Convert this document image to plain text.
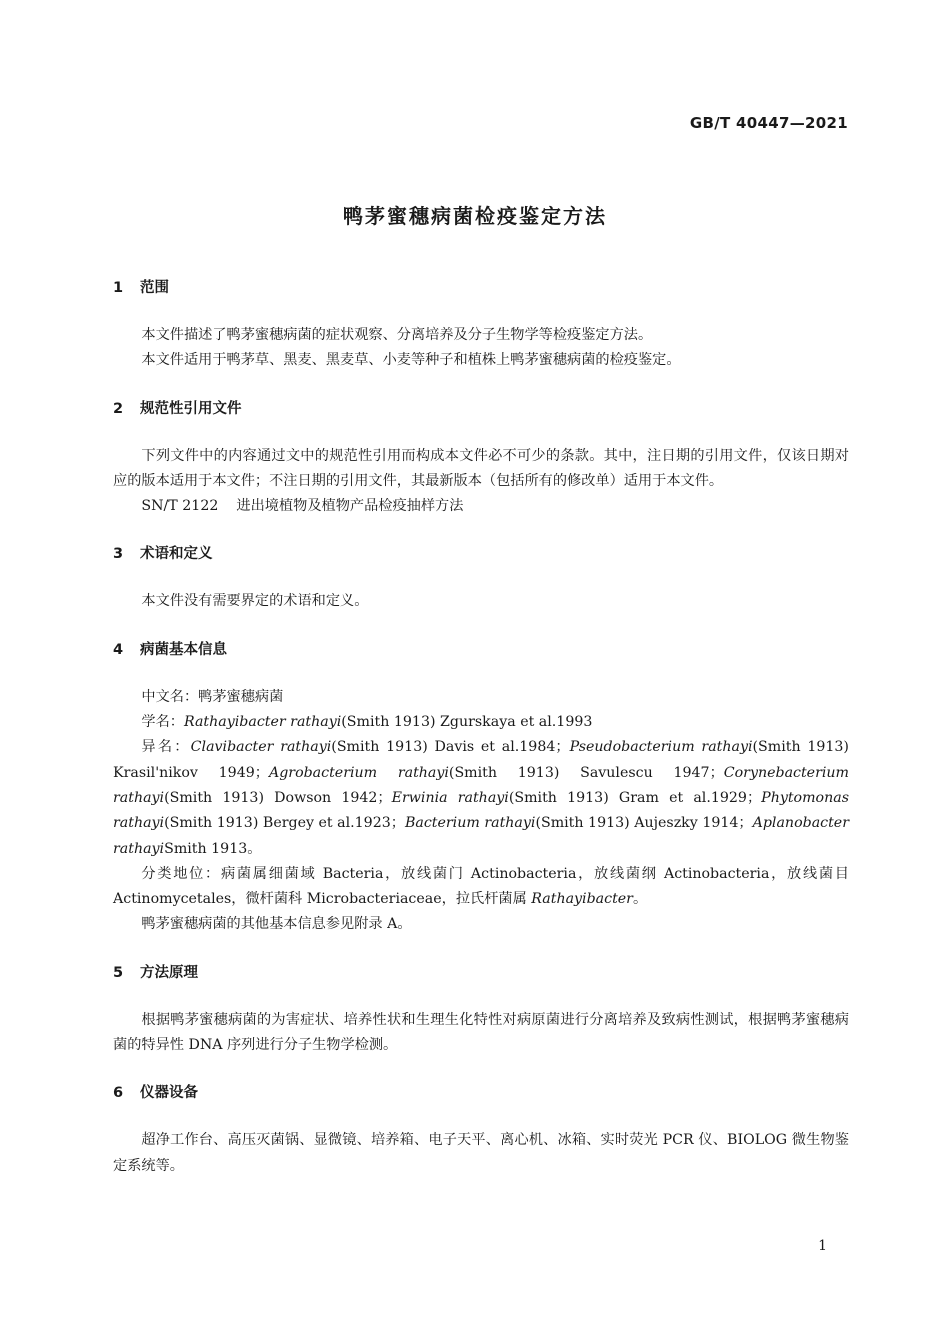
GB/T 40447—2021
鸭茅蜜穗病菌检疫鉴定方法
1	范围

本文件描述了鸭茅蜜穗病菌的症状观察、分离培养及分子生物学等检疫鉴定方法。

本文件适用于鸭茅草、黑麦、黑麦草、小麦等种子和植株上鸭茅蜜穗病菌的检疫鉴定。

2	规范性引用文件

下列文件中的内容通过文中的规范性引用而构成本文件必不可少的条款。其中，注日期的引用文件，仅该日期对应的版本适用于本文件；不注日期的引用文件，其最新版本（包括所有的修改单）适用于本文件。

SN/T 2122 进出境植物及植物产品检疫抽样方法

3	术语和定义

本文件没有需要界定的术语和定义。

4	病菌基本信息

中文名：鸭茅蜜穗病菌

学名：Rathayibacter rathayi(Smith 1913) Zgurskaya et al.1993

异名：Clavibacter rathayi(Smith 1913) Davis et al.1984；Pseudobacterium rathayi(Smith 1913) Krasil'nikov 1949；Agrobacterium rathayi(Smith 1913) Savulescu 1947；Corynebacterium rathayi(Smith 1913) Dowson 1942；Erwinia rathayi(Smith 1913) Gram et al.1929；Phytomonas rathayi(Smith 1913) Bergey et al.1923；Bacterium rathayi(Smith 1913) Aujeszky 1914；Aplanobacter rathayiSmith 1913。

分类地位：病菌属细菌域 Bacteria，放线菌门 Actinobacteria，放线菌纲 Actinobacteria，放线菌目 Actinomycetales，微杆菌科 Microbacteriaceae，拉氏杆菌属 Rathayibacter。

鸭茅蜜穗病菌的其他基本信息参见附录 A。

5	方法原理

根据鸭茅蜜穗病菌的为害症状、培养性状和生理生化特性对病原菌进行分离培养及致病性测试，根据鸭茅蜜穗病菌的特异性 DNA 序列进行分子生物学检测。

6	仪器设备

超净工作台、高压灭菌锅、显微镜、培养箱、电子天平、离心机、冰箱、实时荧光 PCR 仪、BIOLOG 微生物鉴定系统等。

1
